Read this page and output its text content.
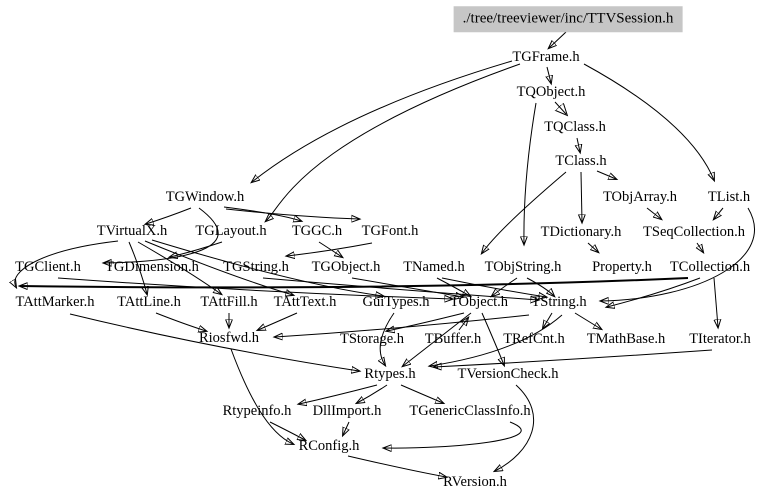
./tree/treeviewer/inc/TTVSession.h
TGFrame.h
TQObject.h
TQClass.h
TClass.h
TGWindow.h	TObjArray.h TList.h
TVirtualX.h TGLayout.h TGGC.h TGFont.h	TDictionary.h TSeqCollection.h
TGClient.h TGDimension.h TGString.h TGObject.h TNamed.h TObjString.h Property.h TCollection.h
TAttMarker.h TAttLine.h TAttFill.h TAttText.h GuiTypes.h TObject.h TString.h
Riosfwd.h	TStorage.h TBuffer.h TRefCnt.h TMathBase.h TIterator.h
Rtypes.h	TVersionCheck.h
Rtypeinfo.h DllImport.h TGenericClassInfo.h
RConfig.h
RVersion.h
